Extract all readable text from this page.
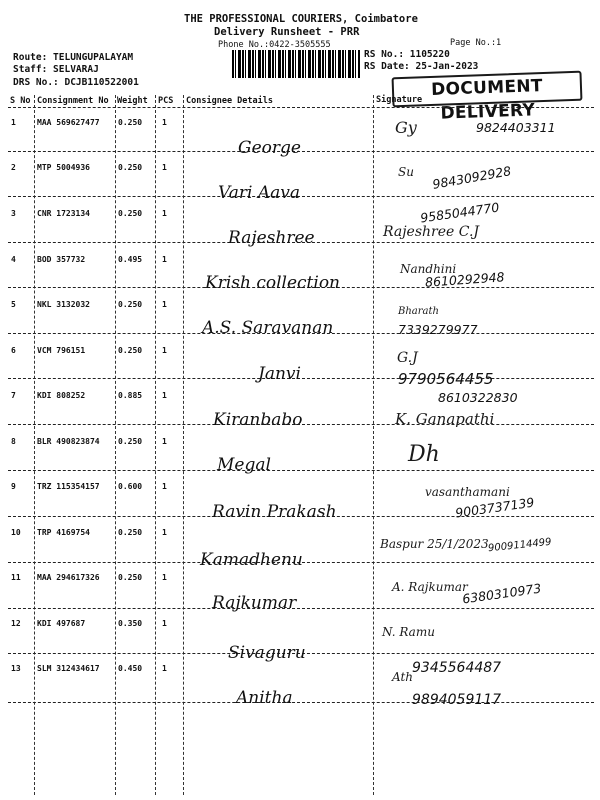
THE PROFESSIONAL COURIERS, Coimbatore
Delivery Runsheet - PRR
Phone No.:0422-3505555	Page No.:1
Route: TELUNGUPALAYAM
Staff: SELVARAJ
DRS No.: DCJB110522001
RS No.: 1105220
RS Date: 25-Jan-2023
DOCUMENT DELIVERY
S No Consignment No Weight PCS Consignee Details	Signature
1	MAA 569627477 0.250 1
George
Gy	9824403311
2	MTP 5004936	0.250 1
Vari Aava
Su 9843092928
3	CNR 1723134	0.250 1
Rajeshree	Rajeshree C.J
9585044770
4	BOD 357732	0.495 1
Krish collection
Nandhini
8610292948
5	NKL 3132032	0.250 1
A.S. Saravanan
Bharath
7339279977
6	VCM 796151	0.250 1
Janvi
G.J
9790564455
7	KDI 808252	0.885 1
Kiranbabo	K. Ganapathi
8610322830
8	BLR 490823874 0.250 1
Megal	Dh
9	TRZ 115354157 0.600 1
Ravin Prakash
vasanthamani
9003737139
10 TRP 4169754	0.250 1
Kamadhenu
Baspur 25/1/2023
9009114499
11 MAA 294617326 0.250 1
Rajkumar
A. Rajkumar
6380310973
12 KDI 497687	0.350 1
Sivaguru
N. Ramu
13 SLM 312434617 0.450 1
Anitha
Ath
9345564487 9894059117
